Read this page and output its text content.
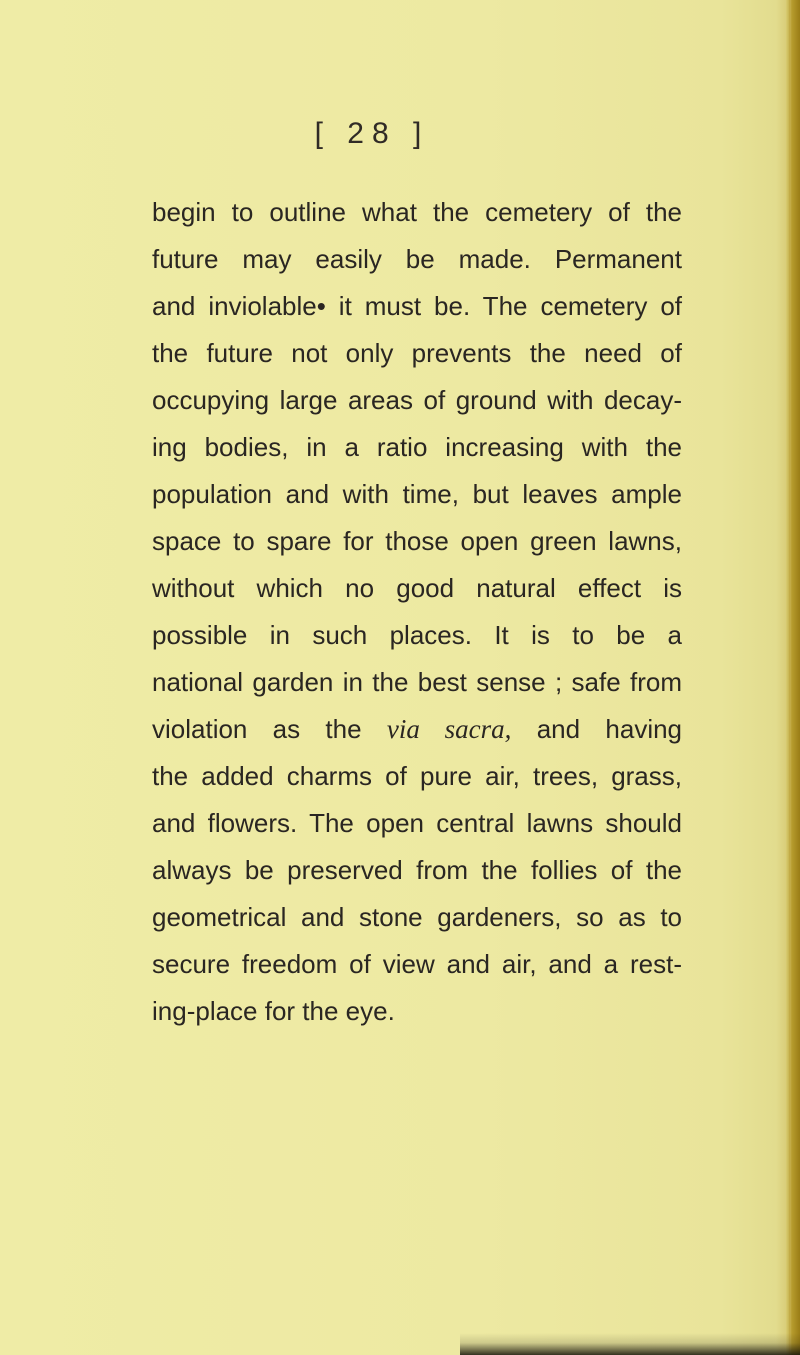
[ 28 ]
begin to outline what the cemetery of the
future may easily be made. Permanent
and inviolable• it must be. The cemetery of
the future not only prevents the need of
occupying large areas of ground with decay-
ing bodies, in a ratio increasing with the
population and with time, but leaves ample
space to spare for those open green lawns,
without which no good natural effect is
possible in such places. It is to be a
national garden in the best sense ; safe from
violation as the via sacra, and having
the added charms of pure air, trees, grass,
and flowers. The open central lawns should
always be preserved from the follies of the
geometrical and stone gardeners, so as to
secure freedom of view and air, and a rest-
ing-place for the eye.
